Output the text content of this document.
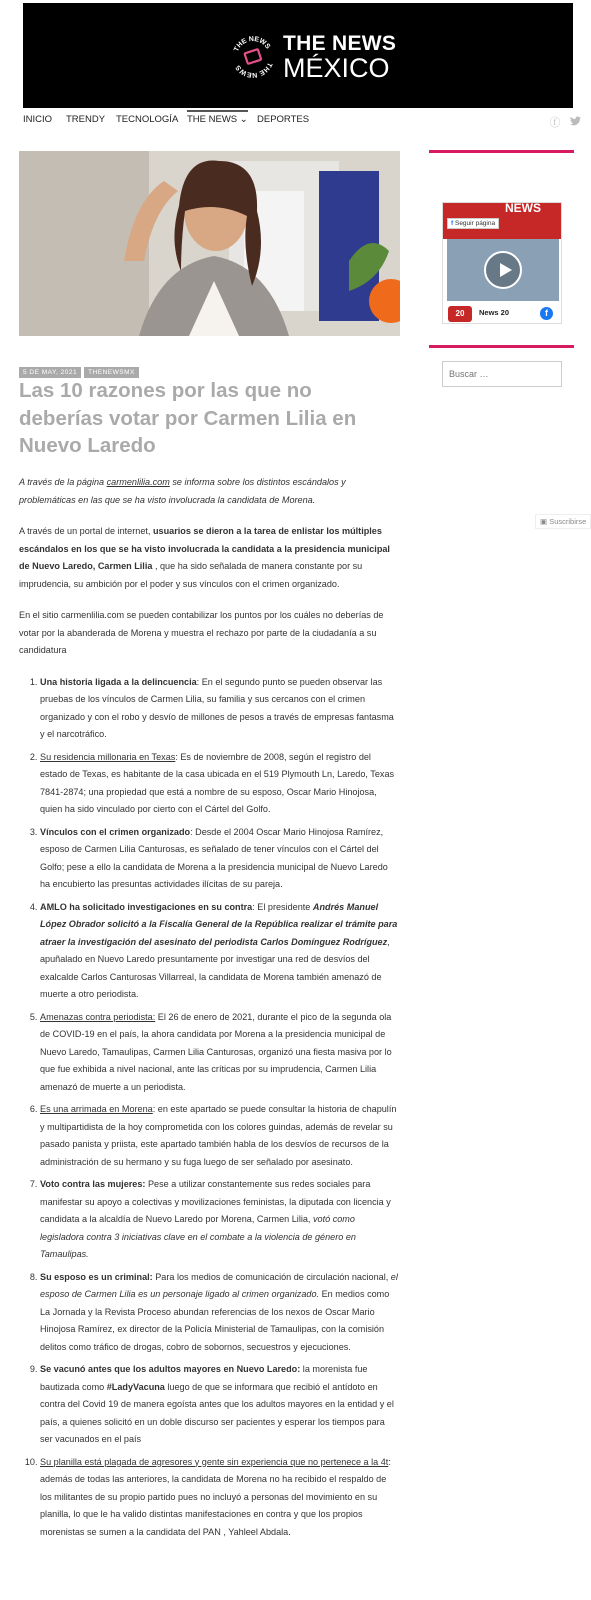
THE NEWS
THE NEWS
THE NEWS
MÉXICO
INICIO TRENDY TECNOLOGÍA THE NEWS ⌄ DEPORTES	ⓕ
NEWS
f Seguir página
20	News 20	f
Buscar …
5 DE MAY, 2021 THENEWSMX
Las 10 razones por las que no deberías votar por Carmen Lilia en Nuevo Laredo

A través de la página carmenlilia.com se informa sobre los distintos escándalos y problemáticas en las que se ha visto involucrada la candidata de Morena.

A través de un portal de internet, usuarios se dieron a la tarea de enlistar los múltiples escándalos en los que se ha visto involucrada la candidata a la presidencia municipal de Nuevo Laredo, Carmen Lilia , que ha sido señalada de manera constante por su imprudencia, su ambición por el poder y sus vínculos con el crimen organizado.

En el sitio carmenlilia.com se pueden contabilizar los puntos por los cuáles no deberías de votar por la abanderada de Morena y muestra el rechazo por parte de la ciudadanía a su candidatura

1. Una historia ligada a la delincuencia: En el segundo punto se pueden observar las pruebas de los vínculos de Carmen Lilia, su familia y sus cercanos con el crimen organizado y con el robo y desvío de millones de pesos a través de empresas fantasma y el narcotráfico.
2. Su residencia millonaria en Texas: Es de noviembre de 2008, según el registro del estado de Texas, es habitante de la casa ubicada en el 519 Plymouth Ln, Laredo, Texas 7841-2874; una propiedad que está a nombre de su esposo, Oscar Mario Hinojosa, quien ha sido vinculado por cierto con el Cártel del Golfo.
3. Vínculos con el crimen organizado: Desde el 2004 Oscar Mario Hinojosa Ramírez, esposo de Carmen Lilia Canturosas, es señalado de tener vínculos con el Cártel del Golfo; pese a ello la candidata de Morena a la presidencia municipal de Nuevo Laredo ha encubierto las presuntas actividades ilícitas de su pareja.
4. AMLO ha solicitado investigaciones en su contra: El presidente Andrés Manuel López Obrador solicitó a la Fiscalía General de la República realizar el trámite para atraer la investigación del asesinato del periodista Carlos Domínguez Rodríguez, apuñalado en Nuevo Laredo presuntamente por investigar una red de desvíos del exalcalde Carlos Canturosas Villarreal, la candidata de Morena también amenazó de muerte a otro periodista.
5. Amenazas contra periodista: El 26 de enero de 2021, durante el pico de la segunda ola de COVID-19 en el país, la ahora candidata por Morena a la presidencia municipal de Nuevo Laredo, Tamaulipas, Carmen Lilia Canturosas, organizó una fiesta masiva por lo que fue exhibida a nivel nacional, ante las críticas por su imprudencia, Carmen Lilia amenazó de muerte a un periodista.
6. Es una arrimada en Morena: en este apartado se puede consultar la historia de chapulín y multipartidista de la hoy comprometida con los colores guindas, además de revelar su pasado panista y priista, este apartado también habla de los desvíos de recursos de la administración de su hermano y su fuga luego de ser señalado por asesinato.
7. Voto contra las mujeres: Pese a utilizar constantemente sus redes sociales para manifestar su apoyo a colectivas y movilizaciones feministas, la diputada con licencia y candidata a la alcaldía de Nuevo Laredo por Morena, Carmen Lilia, votó como legisladora contra 3 iniciativas clave en el combate a la violencia de género en Tamaulipas.
8. Su esposo es un criminal: Para los medios de comunicación de circulación nacional, el esposo de Carmen Lilia es un personaje ligado al crimen organizado. En medios como La Jornada y la Revista Proceso abundan referencias de los nexos de Oscar Mario Hinojosa Ramírez, ex director de la Policía Ministerial de Tamaulipas, con la comisión delitos como tráfico de drogas, cobro de sobornos, secuestros y ejecuciones.
9. Se vacunó antes que los adultos mayores en Nuevo Laredo: la morenista fue bautizada como #LadyVacuna luego de que se informara que recibió el antídoto en contra del Covid 19 de manera egoísta antes que los adultos mayores en la entidad y el país, a quienes solicitó en un doble discurso ser pacientes y esperar los tiempos para ser vacunados en el país
10. Su planilla está plagada de agresores y gente sin experiencia que no pertenece a la 4t: además de todas las anteriores, la candidata de Morena no ha recibido el respaldo de los militantes de su propio partido pues no incluyó a personas del movimiento en su planilla, lo que le ha valido distintas manifestaciones en contra y que los propios morenistas se sumen a la candidata del PAN , Yahleel Abdala.
▣ Suscribirse
